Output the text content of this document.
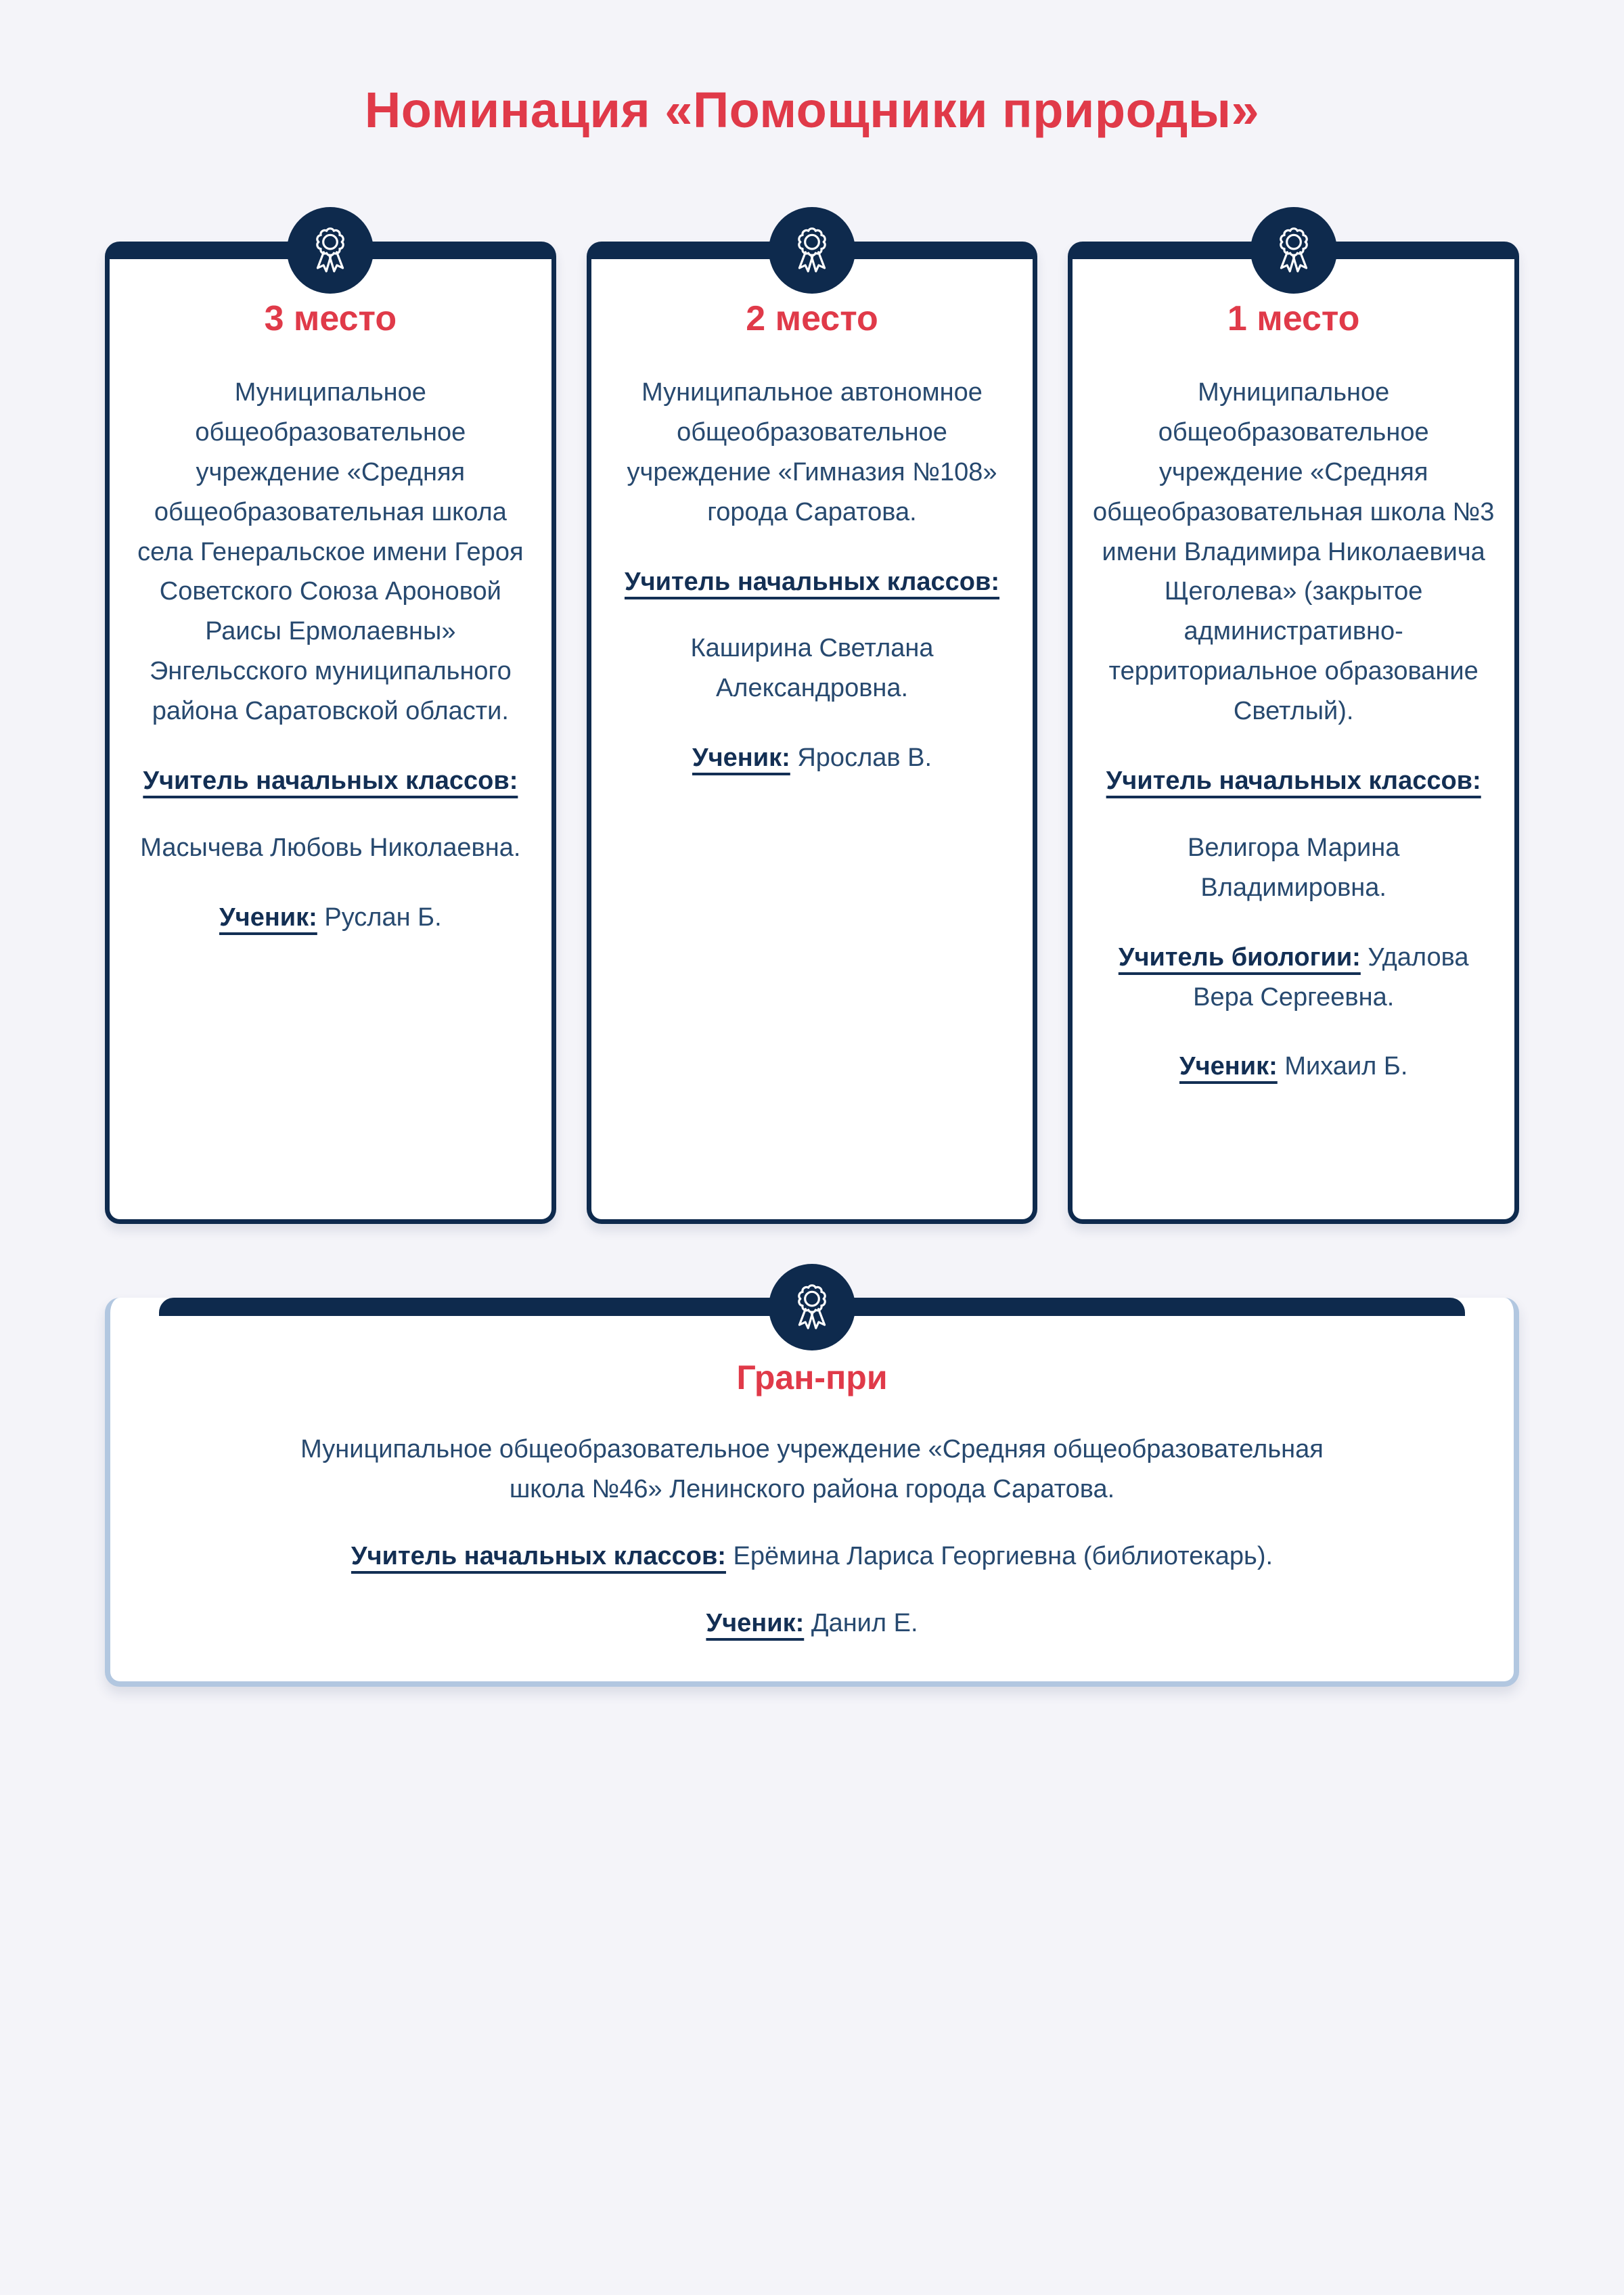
Номинация «Помощники природы»
3 место

Муниципальное общеобразовательное учреждение «Средняя общеобразовательная школа села Генеральское имени Героя Советского Союза Ароновой Раисы Ермолаевны» Энгельсского муниципального района Саратовской области.

Учитель начальных классов:

Масычева Любовь Николаевна.

Ученик: Руслан Б.

2 место

Муниципальное автономное общеобразовательное учреждение «Гимназия №108» города Саратова.

Учитель начальных классов:

Каширина Светлана Александровна.

Ученик: Ярослав В.

1 место

Муниципальное общеобразовательное учреждение «Средняя общеобразовательная школа №3 имени Владимира Николаевича Щеголева» (закрытое административно-территориальное образование Светлый).

Учитель начальных классов:

Велигора Марина Владимировна.

Учитель биологии: Удалова Вера Сергеевна.

Ученик: Михаил Б.

Гран-при

Муниципальное общеобразовательное учреждение «Средняя общеобразовательная школа №46» Ленинского района города Саратова.

Учитель начальных классов: Ерёмина Лариса Георгиевна (библиотекарь).

Ученик: Данил Е.
